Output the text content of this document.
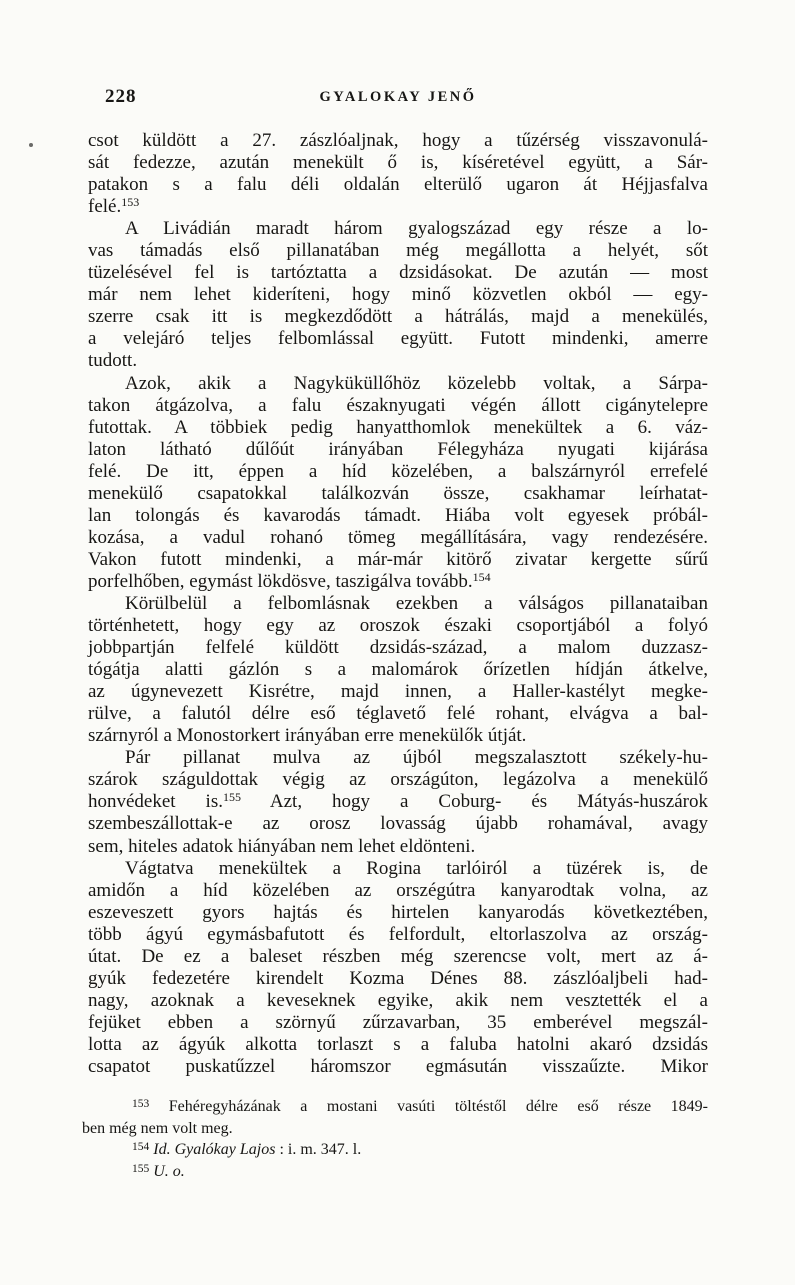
228	GYALOKAY JENŐ
csot küldött a 27. zászlóaljnak, hogy a tűzérség visszavonulá-
sát fedezze, azután menekült ő is, kíséretével együtt, a Sár-
patakon s a falu déli oldalán elterülő ugaron át Héjjasfalva
felé.$^{153}$
A Livádián maradt három gyalogszázad egy része a lo-
vas támadás első pillanatában még megállotta a helyét, sőt
tüzelésével fel is tartóztatta a dzsidásokat. De azután — most
már nem lehet kideríteni, hogy minő közvetlen okból — egy-
szerre csak itt is megkezdődött a hátrálás, majd a menekülés,
a velejáró teljes felbomlással együtt. Futott mindenki, amerre
tudott.
Azok, akik a Nagyküküllőhöz közelebb voltak, a Sárpa-
takon átgázolva, a falu északnyugati végén állott cigánytelepre
futottak. A többiek pedig hanyatthomlok menekültek a 6. váz-
laton látható dűlőút irányában Félegyháza nyugati kijárása
felé. De itt, éppen a híd közelében, a balszárnyról errefelé
menekülő csapatokkal találkozván össze, csakhamar leírhatat-
lan tolongás és kavarodás támadt. Hiába volt egyesek próbál-
kozása, a vadul rohanó tömeg megállítására, vagy rendezésére.
Vakon futott mindenki, a már-már kitörő zivatar kergette sűrű
porfelhőben, egymást lökdösve, taszigálva tovább.$^{154}$
Körülbelül a felbomlásnak ezekben a válságos pillanataiban
történhetett, hogy egy az oroszok északi csoportjából a folyó
jobbpartján felfelé küldött dzsidás-század, a malom duzzasz-
tógátja alatti gázlón s a malomárok őrízetlen hídján átkelve,
az úgynevezett Kisrétre, majd innen, a Haller-kastélyt megke-
rülve, a falutól délre eső téglavető felé rohant, elvágva a bal-
szárnyról a Monostorkert irányában erre menekülők útját.
Pár pillanat mulva az újból megszalasztott székely-hu-
szárok száguldottak végig az országúton, legázolva a menekülő
honvédeket is.$^{155}$ Azt, hogy a Coburg- és Mátyás-huszárok
szembeszállottak-e az orosz lovasság újabb rohamával, avagy
sem, hiteles adatok hiányában nem lehet eldönteni.
Vágtatva menekültek a Rogina tarlóiról a tüzérek is, de
amidőn a híd közelében az orszégútra kanyarodtak volna, az
eszeveszett gyors hajtás és hirtelen kanyarodás következtében,
több ágyú egymásbafutott és felfordult, eltorlaszolva az ország-
útat. De ez a baleset részben még szerencse volt, mert az á-
gyúk fedezetére kirendelt Kozma Dénes 88. zászlóaljbeli had-
nagy, azoknak a keveseknek egyike, akik nem vesztették el a
fejüket ebben a szörnyű zűrzavarban, 35 emberével megszál-
lotta az ágyúk alkotta torlaszt s a faluba hatolni akaró dzsidás
csapatot puskatűzzel háromszor egmásután visszaűzte. Mikor
$^{153}$ Fehéregyházának a mostani vasúti töltéstől délre eső része 1849-
ben még nem volt meg.
$^{154}$ Id. Gyalókay Lajos : i. m. 347. l.
$^{155}$ U. o.
